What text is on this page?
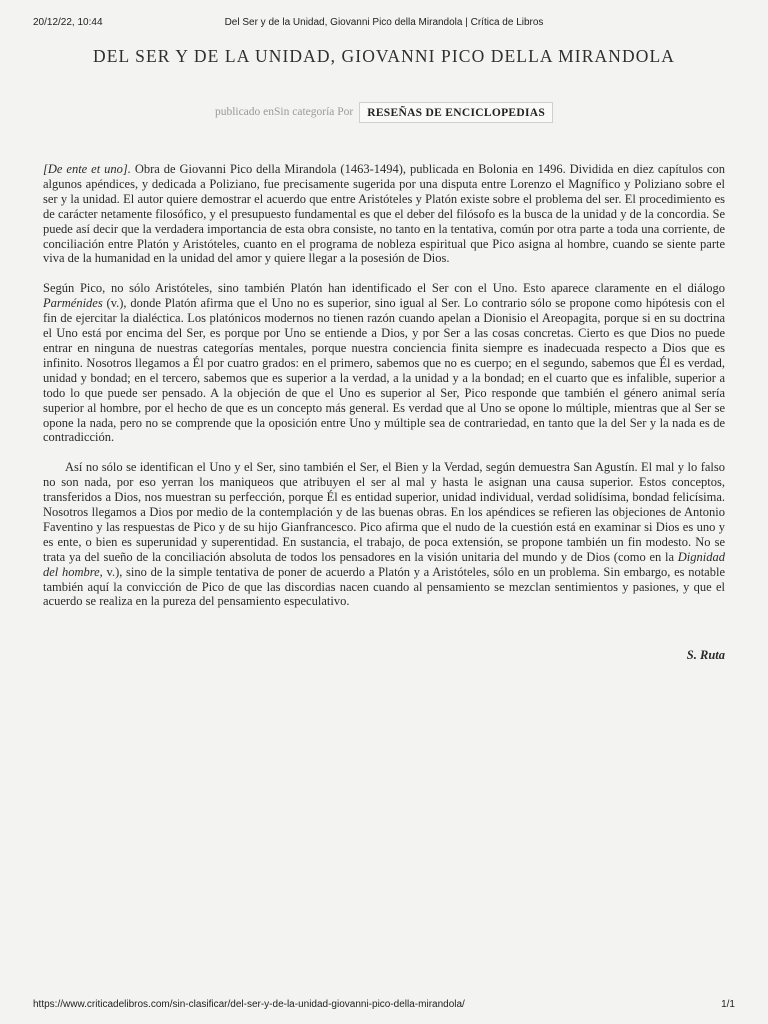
20/12/22, 10:44	Del Ser y de la Unidad, Giovanni Pico della Mirandola | Crítica de Libros
DEL SER Y DE LA UNIDAD, GIOVANNI PICO DELLA MIRANDOLA
publicado enSin categoría Por	RESEÑAS DE ENCICLOPEDIAS

[De ente et uno]. Obra de Giovanni Pico della Mirandola (1463-1494), publicada en Bolonia en 1496. Dividida en diez capítulos con algunos apéndices, y dedicada a Poliziano, fue precisamente sugerida por una disputa entre Lorenzo el Magnífico y Poliziano sobre el ser y la unidad. El autor quiere demostrar el acuerdo que entre Aristóteles y Platón existe sobre el problema del ser. El procedimiento es de carácter netamente filosófico, y el presupuesto fundamental es que el deber del filósofo es la busca de la unidad y de la concordia. Se puede así decir que la verdadera importancia de esta obra consiste, no tanto en la tentativa, común por otra parte a toda una corriente, de conciliación entre Platón y Aristóteles, cuanto en el programa de nobleza espiritual que Pico asigna al hombre, cuando se siente parte viva de la humanidad en la unidad del amor y quiere llegar a la posesión de Dios.

Según Pico, no sólo Aristóteles, sino también Platón han identificado el Ser con el Uno. Esto aparece claramente en el diálogo Parménides (v.), donde Platón afirma que el Uno no es superior, sino igual al Ser. Lo contrario sólo se propone como hipótesis con el fin de ejercitar la dialéctica. Los platónicos modernos no tienen razón cuando apelan a Dionisio el Areopagita, porque si en su doctrina el Uno está por encima del Ser, es porque por Uno se entiende a Dios, y por Ser a las cosas concretas. Cierto es que Dios no puede entrar en ninguna de nuestras categorías mentales, porque nuestra conciencia finita siempre es inadecuada respecto a Dios que es infinito. Nosotros llegamos a Él por cuatro grados: en el primero, sabemos que no es cuerpo; en el segundo, sabemos que Él es verdad, unidad y bondad; en el tercero, sabemos que es superior a la verdad, a la unidad y a la bondad; en el cuarto que es infalible, superior a todo lo que puede ser pensado. A la objeción de que el Uno es superior al Ser, Pico responde que también el género animal sería superior al hombre, por el hecho de que es un concepto más general. Es verdad que al Uno se opone lo múltiple, mientras que al Ser se opone la nada, pero no se comprende que la oposición entre Uno y múltiple sea de contrariedad, en tanto que la del Ser y la nada es de contradicción.

Así no sólo se identifican el Uno y el Ser, sino también el Ser, el Bien y la Verdad, según demuestra San Agustín. El mal y lo falso no son nada, por eso yerran los maniqueos que atribuyen el ser al mal y hasta le asignan una causa superior. Estos conceptos, transferidos a Dios, nos muestran su perfección, porque Él es entidad superior, unidad individual, verdad solidísima, bondad felicísima. Nosotros llegamos a Dios por medio de la contemplación y de las buenas obras. En los apéndices se refieren las objeciones de Antonio Faventino y las respuestas de Pico y de su hijo Gianfrancesco. Pico afirma que el nudo de la cuestión está en examinar si Dios es uno y es ente, o bien es superunidad y superentidad. En sustancia, el trabajo, de poca extensión, se propone también un fin modesto. No se trata ya del sueño de la conciliación absoluta de todos los pensadores en la visión unitaria del mundo y de Dios (como en la Dignidad del hombre, v.), sino de la simple tentativa de poner de acuerdo a Platón y a Aristóteles, sólo en un problema. Sin embargo, es notable también aquí la convicción de Pico de que las discordias nacen cuando al pensamiento se mezclan sentimientos y pasiones, y que el acuerdo se realiza en la pureza del pensamiento especulativo.

S. Ruta
https://www.criticadelibros.com/sin-clasificar/del-ser-y-de-la-unidad-giovanni-pico-della-mirandola/	1/1
